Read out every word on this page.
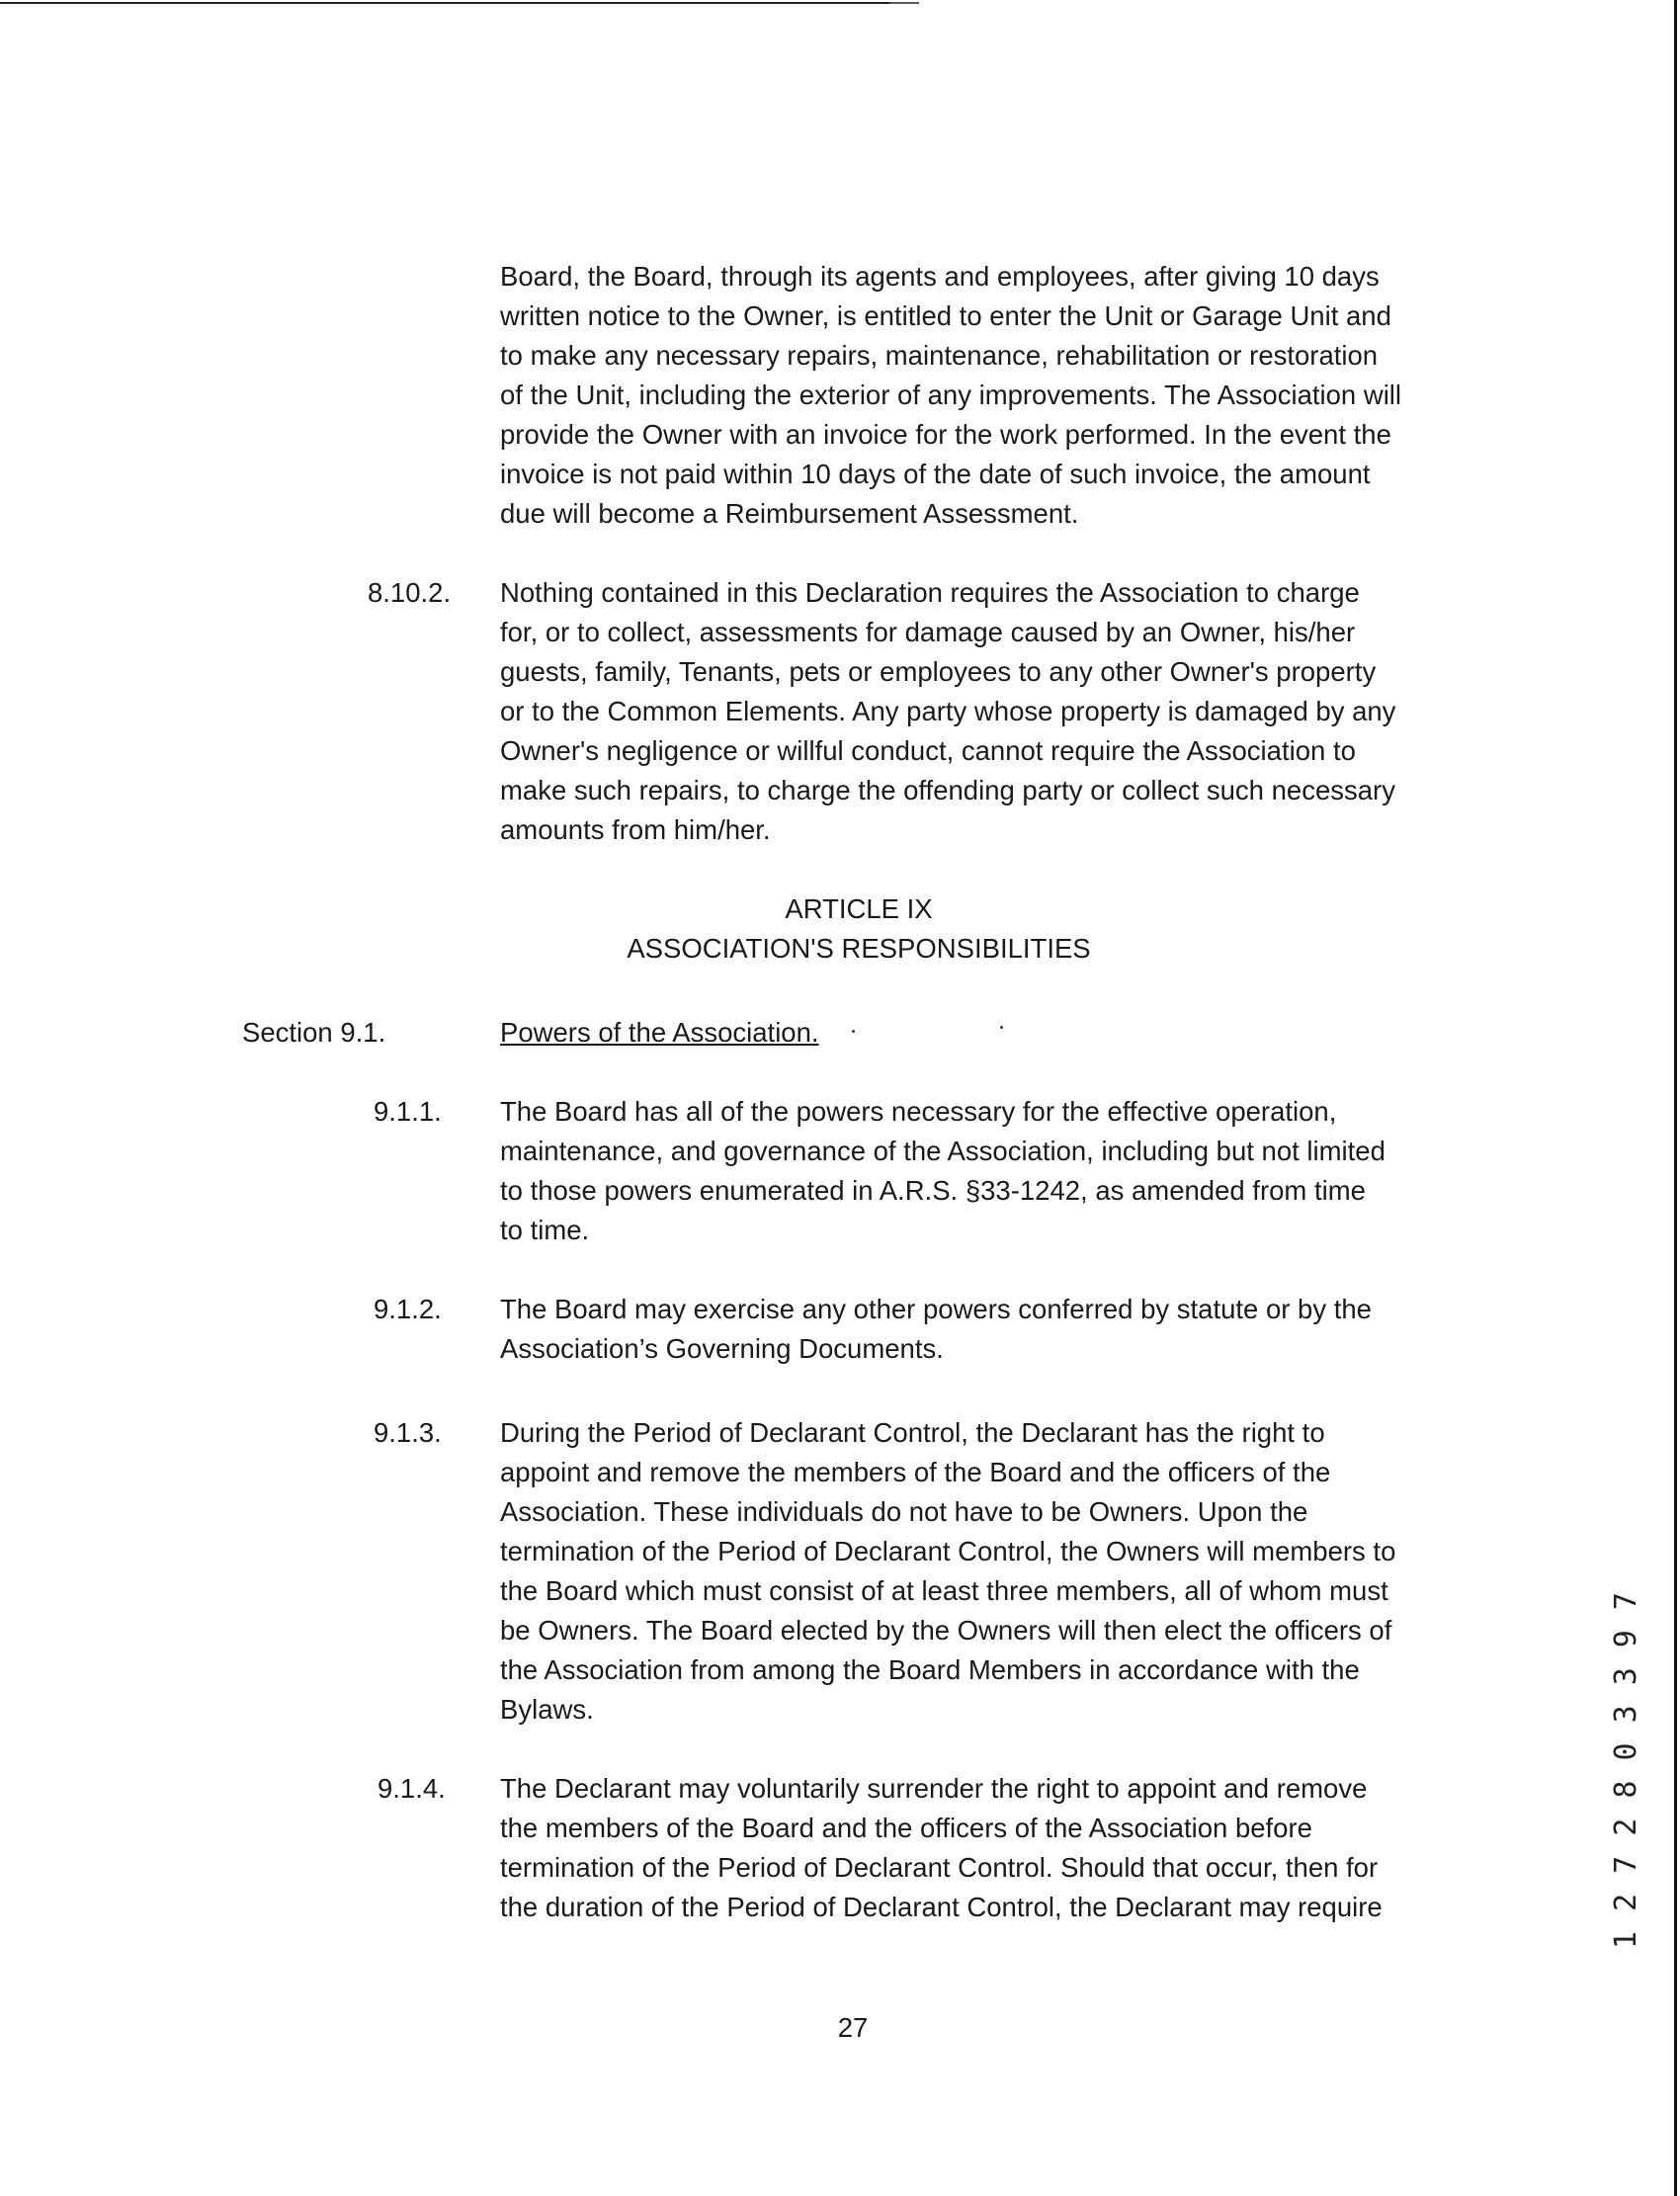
Board, the Board, through its agents and employees, after giving 10 days

written notice to the Owner, is entitled to enter the Unit or Garage Unit and

to make any necessary repairs, maintenance, rehabilitation or restoration

of the Unit, including the exterior of any improvements. The Association will

provide the Owner with an invoice for the work performed. In the event the

invoice is not paid within 10 days of the date of such invoice, the amount

due will become a Reimbursement Assessment.

8.10.2. Nothing contained in this Declaration requires the Association to charge

for, or to collect, assessments for damage caused by an Owner, his/her

guests, family, Tenants, pets or employees to any other Owner's property

or to the Common Elements. Any party whose property is damaged by any

Owner's negligence or willful conduct, cannot require the Association to

make such repairs, to charge the offending party or collect such necessary

amounts from him/her.

ARTICLE IX
ASSOCIATION'S RESPONSIBILITIES
Section 9.1.	Powers of the Association.
9.1.1. The Board has all of the powers necessary for the effective operation,

maintenance, and governance of the Association, including but not limited

to those powers enumerated in A.R.S. §33-1242, as amended from time

to time.

9.1.2. The Board may exercise any other powers conferred by statute or by the

Association’s Governing Documents.

9.1.3. During the Period of Declarant Control, the Declarant has the right to

appoint and remove the members of the Board and the officers of the

Association. These individuals do not have to be Owners. Upon the

termination of the Period of Declarant Control, the Owners will members to

the Board which must consist of at least three members, all of whom must

be Owners. The Board elected by the Owners will then elect the officers of

the Association from among the Board Members in accordance with the

Bylaws.

9.1.4. The Declarant may voluntarily surrender the right to appoint and remove

the members of the Board and the officers of the Association before

termination of the Period of Declarant Control. Should that occur, then for

the duration of the Period of Declarant Control, the Declarant may require

27
1 2 7 2 8 0 3 3 9 7
